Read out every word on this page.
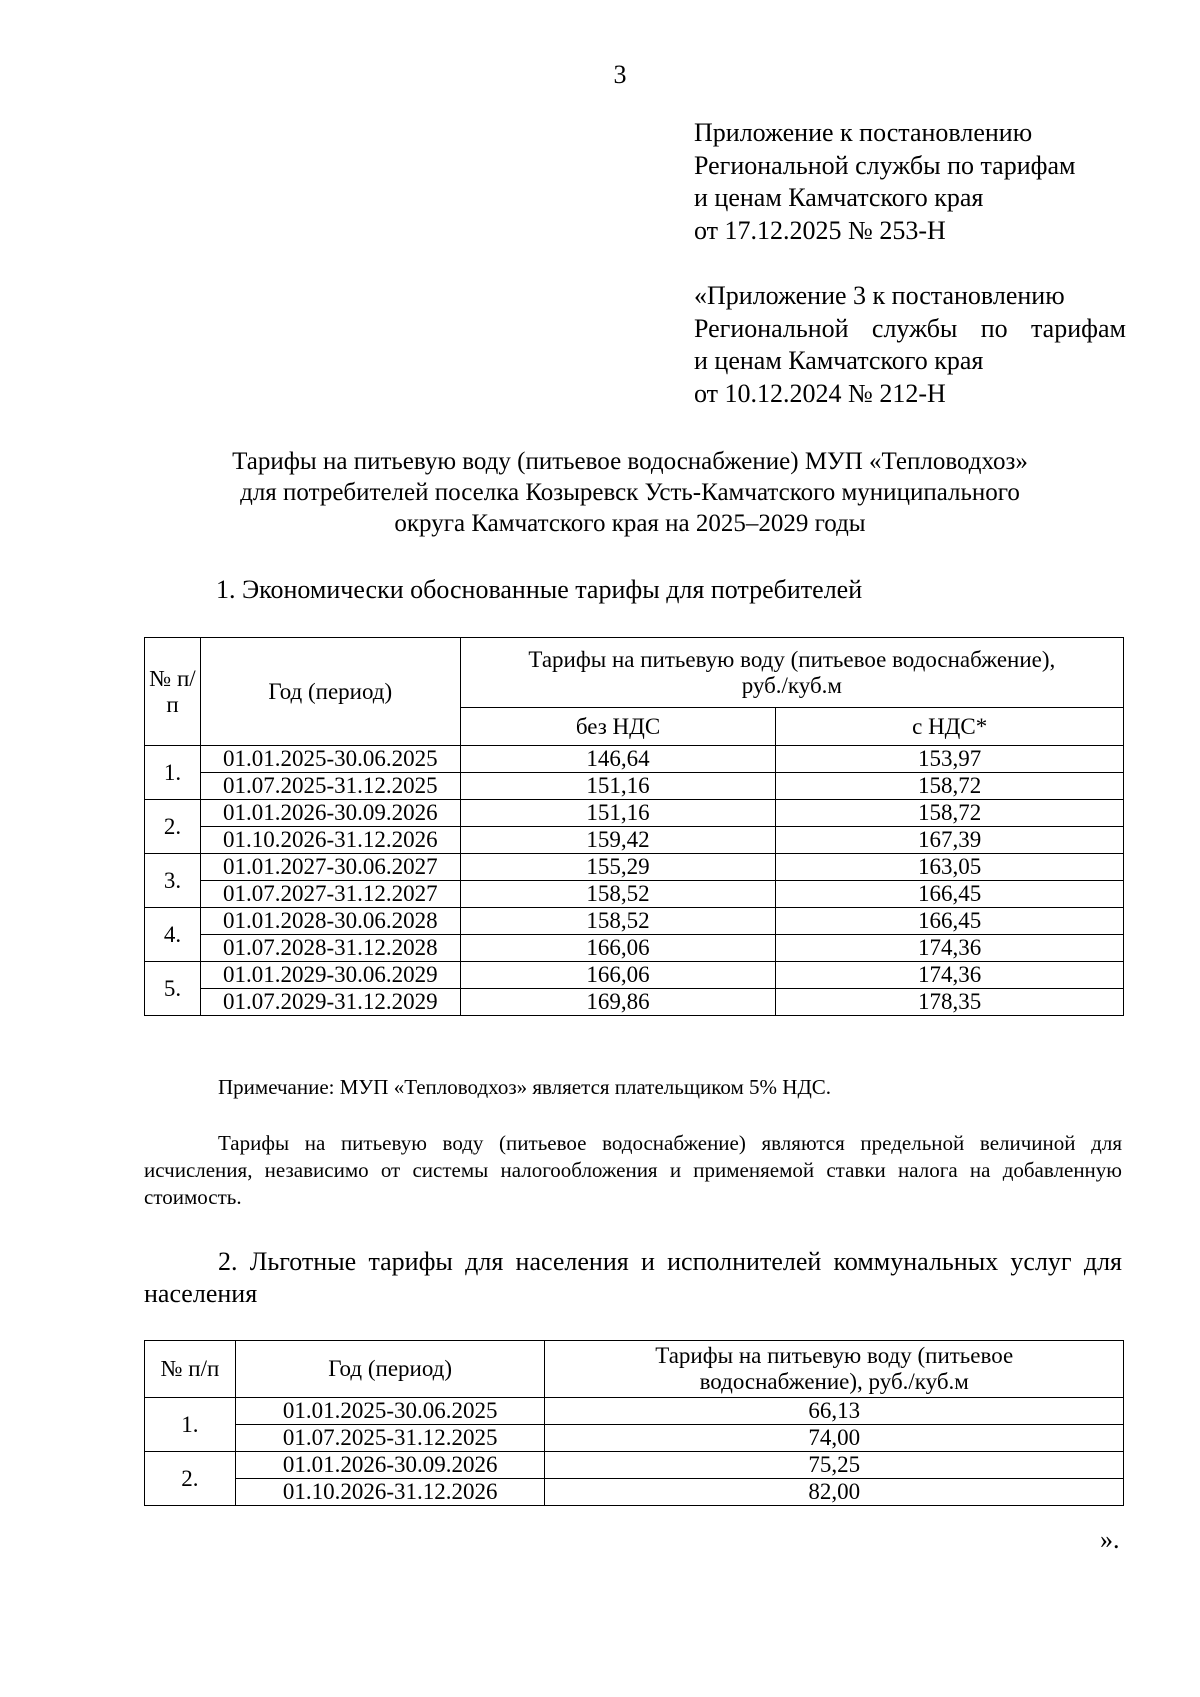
3
Приложение к постановлению
Региональной службы по тарифам
и ценам Камчатского края
от 17.12.2025 № 253-Н
«Приложение 3 к постановлению
Региональной службы по тарифам
и ценам Камчатского края
от 10.12.2024 № 212-Н
Тарифы на питьевую воду (питьевое водоснабжение) МУП «Тепловодхоз»
для потребителей поселка Козыревск Усть-Камчатского муниципального
округа Камчатского края на 2025–2029 годы
1. Экономически обоснованные тарифы для потребителей
№ п/п	Год (период)	Тарифы на питьевую воду (питьевое водоснабжение), руб./куб.м	
		без НДС	с НДС*
1.	01.01.2025-30.06.2025	146,64	153,97
	01.07.2025-31.12.2025	151,16	158,72
2.	01.01.2026-30.09.2026	151,16	158,72
	01.10.2026-31.12.2026	159,42	167,39
3.	01.01.2027-30.06.2027	155,29	163,05
	01.07.2027-31.12.2027	158,52	166,45
4.	01.01.2028-30.06.2028	158,52	166,45
	01.07.2028-31.12.2028	166,06	174,36
5.	01.01.2029-30.06.2029	166,06	174,36
	01.07.2029-31.12.2029	169,86	178,35
Примечание: МУП «Тепловодхоз» является плательщиком 5% НДС.
Тарифы на питьевую воду (питьевое водоснабжение) являются предельной величиной для исчисления, независимо от системы налогообложения и применяемой ставки налога на добавленную стоимость.
2. Льготные тарифы для населения и исполнителей коммунальных услуг для населения
№ п/п	Год (период)	Тарифы на питьевую воду (питьевое водоснабжение), руб./куб.м
1.	01.01.2025-30.06.2025	66,13
	01.07.2025-31.12.2025	74,00
2.	01.01.2026-30.09.2026	75,25
	01.10.2026-31.12.2026	82,00
».
